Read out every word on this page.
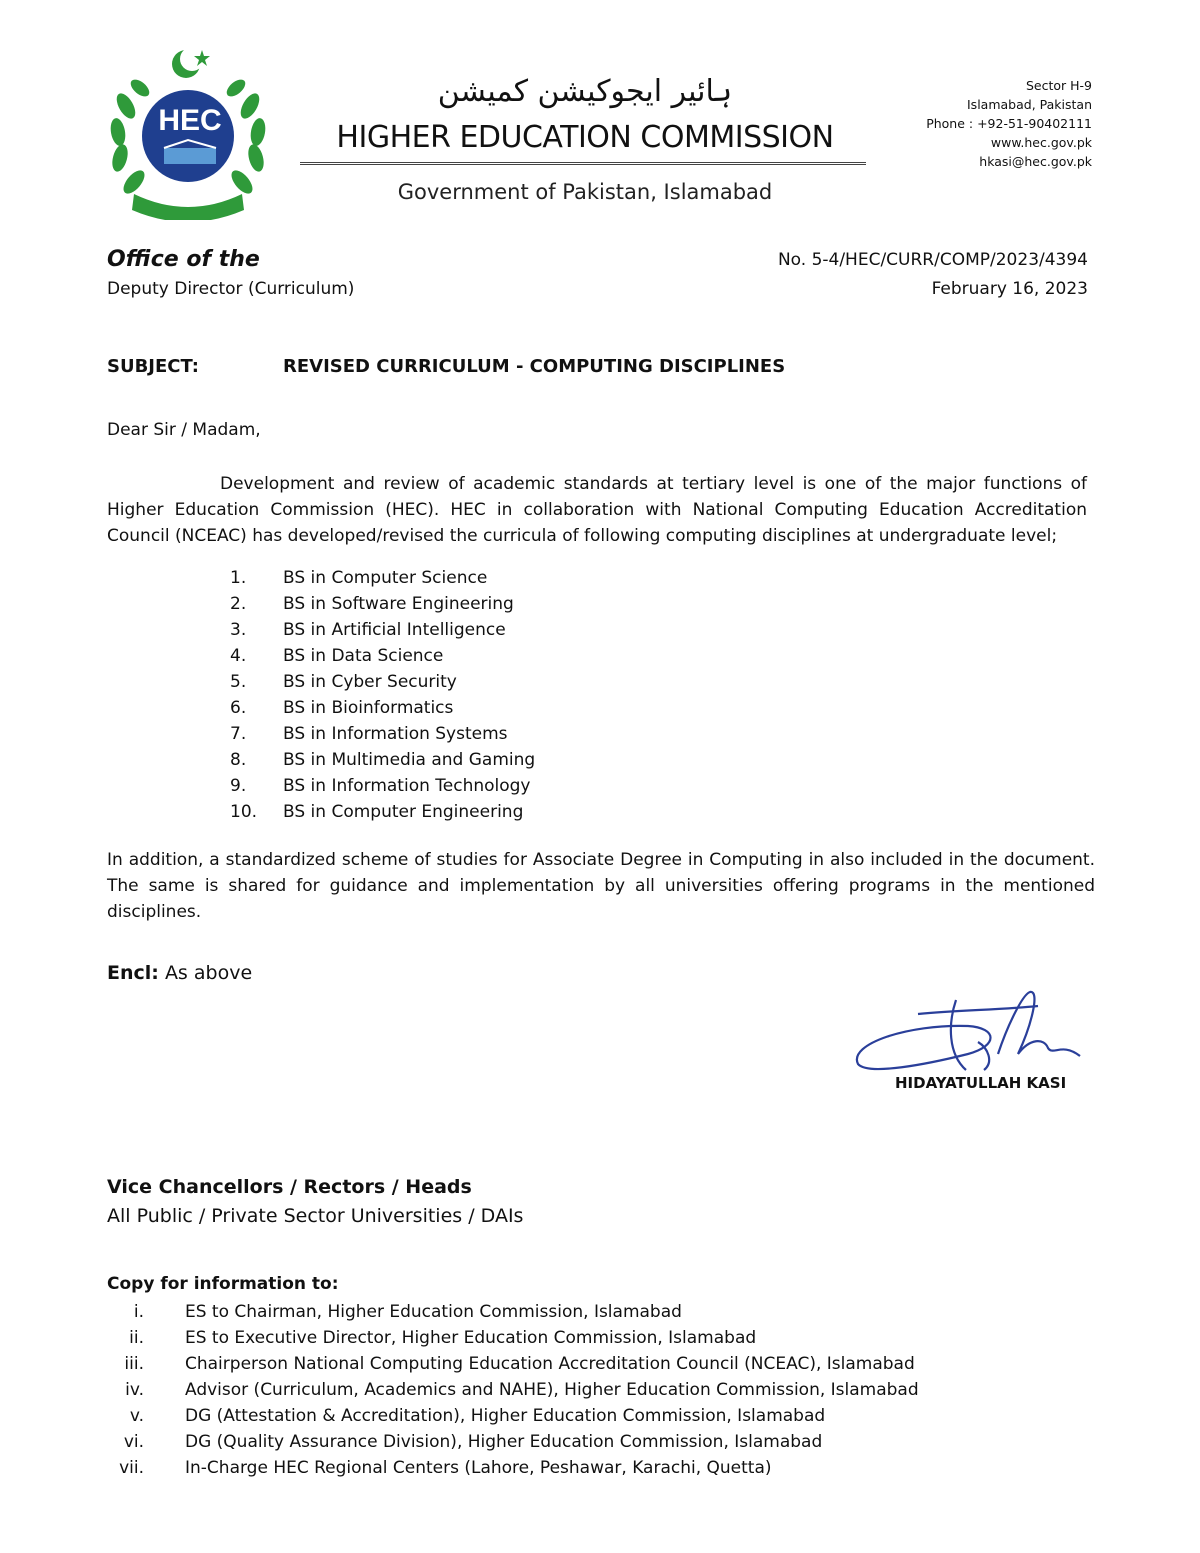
HEC
ہائیر ایجوکیشن کمیشن
HIGHER EDUCATION COMMISSION
Government of Pakistan, Islamabad
Sector H-9
Islamabad, Pakistan
Phone : +92-51-90402111
www.hec.gov.pk
hkasi@hec.gov.pk
Office of the
Deputy Director (Curriculum)
No. 5-4/HEC/CURR/COMP/2023/4394
February 16, 2023
SUBJECT:	REVISED CURRICULUM - COMPUTING DISCIPLINES
Dear Sir / Madam,
Development and review of academic standards at tertiary level is one of the major functions of Higher Education Commission (HEC). HEC in collaboration with National Computing Education Accreditation Council (NCEAC) has developed/revised the curricula of following computing disciplines at undergraduate level;
1.	BS in Computer Science
2.	BS in Software Engineering
3.	BS in Artificial Intelligence
4.	BS in Data Science
5.	BS in Cyber Security
6.	BS in Bioinformatics
7.	BS in Information Systems
8.	BS in Multimedia and Gaming
9.	BS in Information Technology
10.	BS in Computer Engineering
In addition, a standardized scheme of studies for Associate Degree in Computing in also included in the document. The same is shared for guidance and implementation by all universities offering programs in the mentioned disciplines.
Encl: As above
HIDAYATULLAH KASI
Vice Chancellors / Rectors / Heads
All Public / Private Sector Universities / DAIs
Copy for information to:
i. ES to Chairman, Higher Education Commission, Islamabad
ii. ES to Executive Director, Higher Education Commission, Islamabad
iii. Chairperson National Computing Education Accreditation Council (NCEAC), Islamabad
iv. Advisor (Curriculum, Academics and NAHE), Higher Education Commission, Islamabad
v. DG (Attestation & Accreditation), Higher Education Commission, Islamabad
vi. DG (Quality Assurance Division), Higher Education Commission, Islamabad
vii. In-Charge HEC Regional Centers (Lahore, Peshawar, Karachi, Quetta)
